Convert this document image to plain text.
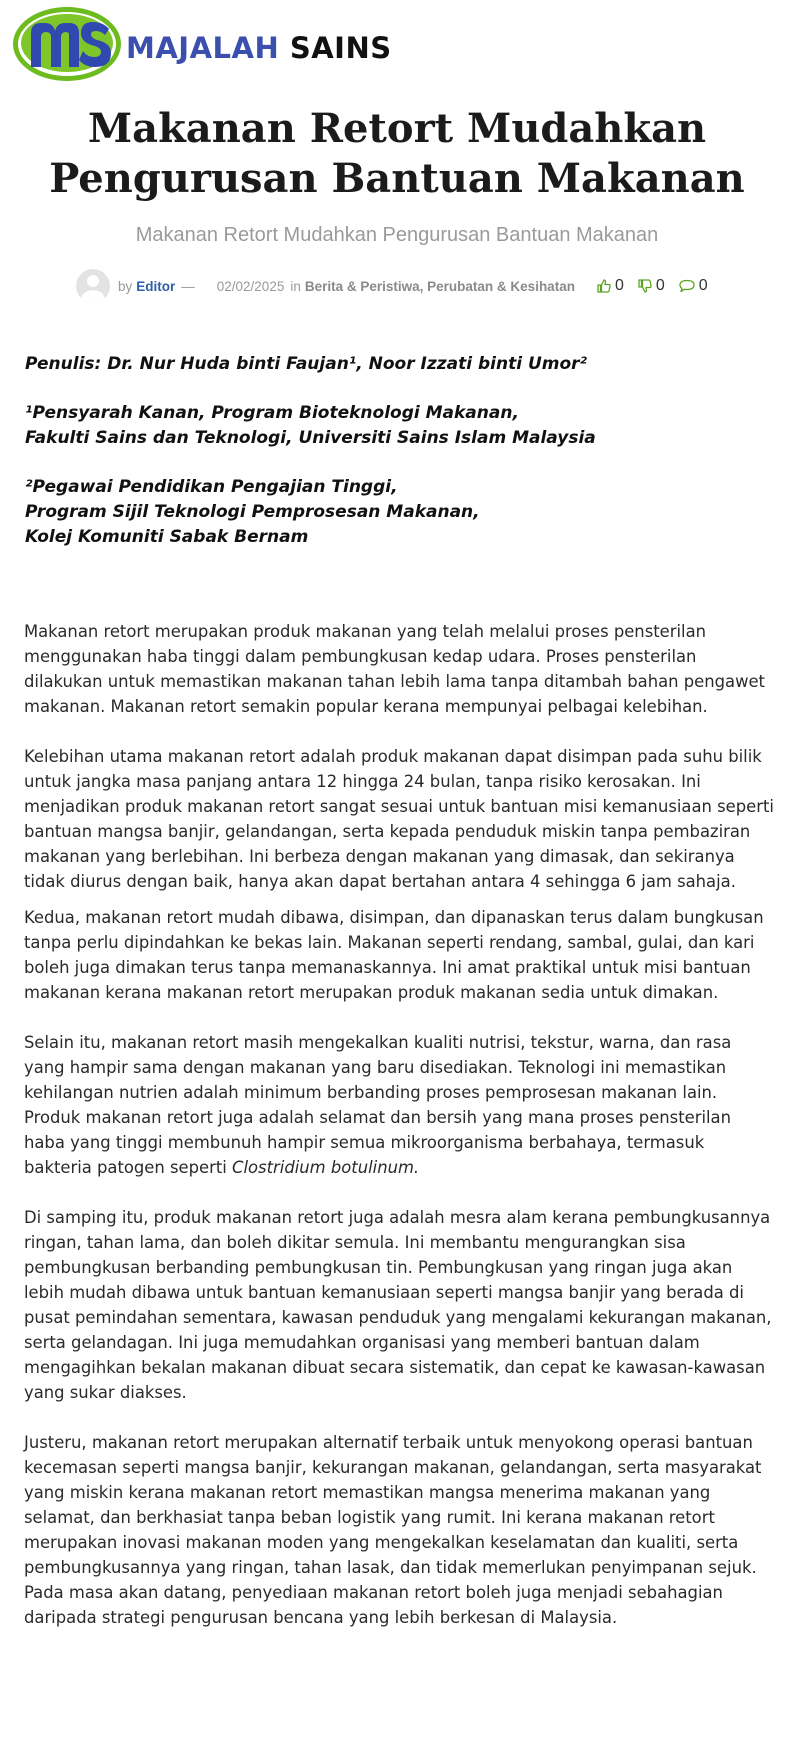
MAJALAH SAINS
Makanan Retort Mudahkan Pengurusan Bantuan Makanan
Makanan Retort Mudahkan Pengurusan Bantuan Makanan
by Editor — 02/02/2025 in Berita & Peristiwa, Perubatan & Kesihatan	0 0 0

Penulis: Dr. Nur Huda binti Faujan¹, Noor Izzati binti Umor²

¹Pensyarah Kanan, Program Bioteknologi Makanan,
Fakulti Sains dan Teknologi, Universiti Sains Islam Malaysia

²Pegawai Pendidikan Pengajian Tinggi,
Program Sijil Teknologi Pemprosesan Makanan,
Kolej Komuniti Sabak Bernam

Makanan retort merupakan produk makanan yang telah melalui proses pensterilan menggunakan haba tinggi dalam pembungkusan kedap udara. Proses pensterilan dilakukan untuk memastikan makanan tahan lebih lama tanpa ditambah bahan pengawet makanan. Makanan retort semakin popular kerana mempunyai pelbagai kelebihan.

Kelebihan utama makanan retort adalah produk makanan dapat disimpan pada suhu bilik untuk jangka masa panjang antara 12 hingga 24 bulan, tanpa risiko kerosakan. Ini menjadikan produk makanan retort sangat sesuai untuk bantuan misi kemanusiaan seperti bantuan mangsa banjir, gelandangan, serta kepada penduduk miskin tanpa pembaziran makanan yang berlebihan. Ini berbeza dengan makanan yang dimasak, dan sekiranya tidak diurus dengan baik, hanya akan dapat bertahan antara 4 sehingga 6 jam sahaja.

Kedua, makanan retort mudah dibawa, disimpan, dan dipanaskan terus dalam bungkusan tanpa perlu dipindahkan ke bekas lain. Makanan seperti rendang, sambal, gulai, dan kari boleh juga dimakan terus tanpa memanaskannya. Ini amat praktikal untuk misi bantuan makanan kerana makanan retort merupakan produk makanan sedia untuk dimakan.

Selain itu, makanan retort masih mengekalkan kualiti nutrisi, tekstur, warna, dan rasa yang hampir sama dengan makanan yang baru disediakan. Teknologi ini memastikan kehilangan nutrien adalah minimum berbanding proses pemprosesan makanan lain. Produk makanan retort juga adalah selamat dan bersih yang mana proses pensterilan haba yang tinggi membunuh hampir semua mikroorganisma berbahaya, termasuk bakteria patogen seperti Clostridium botulinum.

Di samping itu, produk makanan retort juga adalah mesra alam kerana pembungkusannya ringan, tahan lama, dan boleh dikitar semula. Ini membantu mengurangkan sisa pembungkusan berbanding pembungkusan tin. Pembungkusan yang ringan juga akan lebih mudah dibawa untuk bantuan kemanusiaan seperti mangsa banjir yang berada di pusat pemindahan sementara, kawasan penduduk yang mengalami kekurangan makanan, serta gelandagan. Ini juga memudahkan organisasi yang memberi bantuan dalam mengagihkan bekalan makanan dibuat secara sistematik, dan cepat ke kawasan-kawasan yang sukar diakses.

Justeru, makanan retort merupakan alternatif terbaik untuk menyokong operasi bantuan kecemasan seperti mangsa banjir, kekurangan makanan, gelandangan, serta masyarakat yang miskin kerana makanan retort memastikan mangsa menerima makanan yang selamat, dan berkhasiat tanpa beban logistik yang rumit. Ini kerana makanan retort merupakan inovasi makanan moden yang mengekalkan keselamatan dan kualiti, serta pembungkusannya yang ringan, tahan lasak, dan tidak memerlukan penyimpanan sejuk. Pada masa akan datang, penyediaan makanan retort boleh juga menjadi sebahagian daripada strategi pengurusan bencana yang lebih berkesan di Malaysia.
